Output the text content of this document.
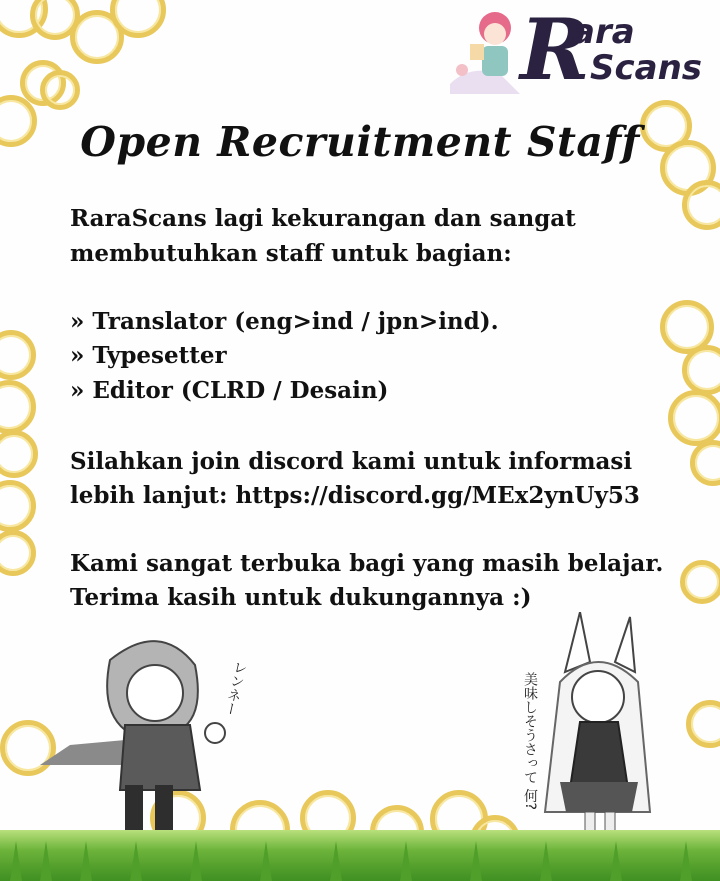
R
ara
Scans
Open Recruitment Staff
RaraScans lagi kekurangan dan sangat
membutuhkan staff untuk bagian:
» Translator (eng>ind / jpn>ind).
» Typesetter
» Editor (CLRD / Desain)
Silahkan join discord kami untuk informasi
lebih lanjut: https://discord.gg/MEx2ynUy53
Kami sangat terbuka bagi yang masih belajar.
Terima kasih untuk dukungannya :)
レンネー	美味しそうさって 何?
